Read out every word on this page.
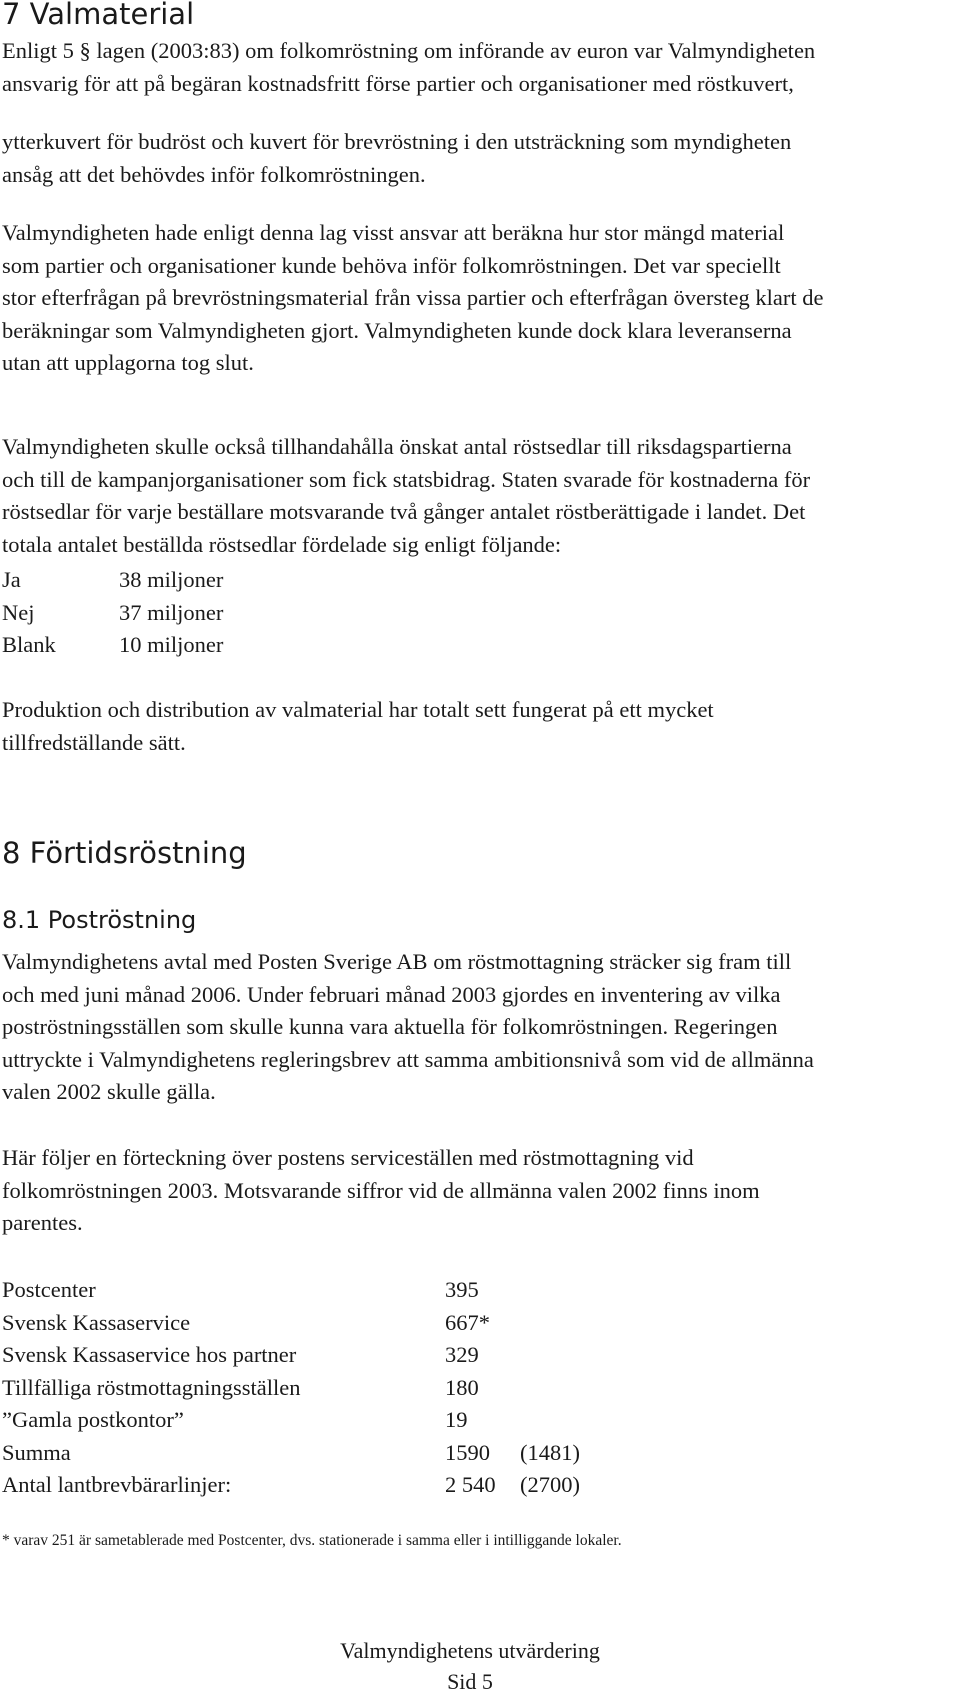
7 Valmaterial
Enligt 5 § lagen (2003:83) om folkomröstning om införande av euron var Valmyndigheten
ansvarig för att på begäran kostnadsfritt förse partier och organisationer med röstkuvert,
ytterkuvert för budröst och kuvert för brevröstning i den utsträckning som myndigheten
ansåg att det behövdes inför folkomröstningen.
Valmyndigheten hade enligt denna lag visst ansvar att beräkna hur stor mängd material
som partier och organisationer kunde behöva inför folkomröstningen. Det var speciellt
stor efterfrågan på brevröstningsmaterial från vissa partier och efterfrågan översteg klart de
beräkningar som Valmyndigheten gjort. Valmyndigheten kunde dock klara leveranserna
utan att upplagorna tog slut.
Valmyndigheten skulle också tillhandahålla önskat antal röstsedlar till riksdagspartierna
och till de kampanjorganisationer som fick statsbidrag. Staten svarade för kostnaderna för
röstsedlar för varje beställare motsvarande två gånger antalet röstberättigade i landet. Det
totala antalet beställda röstsedlar fördelade sig enligt följande:
Ja	38 miljoner
Nej	37 miljoner
Blank	10 miljoner
Produktion och distribution av valmaterial har totalt sett fungerat på ett mycket
tillfredställande sätt.
8 Förtidsröstning
8.1 Poströstning
Valmyndighetens avtal med Posten Sverige AB om röstmottagning sträcker sig fram till
och med juni månad 2006. Under februari månad 2003 gjordes en inventering av vilka
poströstningsställen som skulle kunna vara aktuella för folkomröstningen. Regeringen
uttryckte i Valmyndighetens regleringsbrev att samma ambitionsnivå som vid de allmänna
valen 2002 skulle gälla.
Här följer en förteckning över postens serviceställen med röstmottagning vid
folkomröstningen 2003. Motsvarande siffror vid de allmänna valen 2002 finns inom
parentes.
Postcenter	395
Svensk Kassaservice	667*
Svensk Kassaservice hos partner	329
Tillfälliga röstmottagningsställen	180
”Gamla postkontor”	19
Summa	1590 (1481)
Antal lantbrevbärarlinjer:	2 540 (2700)
* varav 251 är sametablerade med Postcenter, dvs. stationerade i samma eller i intilliggande lokaler.
Valmyndighetens utvärdering
Sid 5
